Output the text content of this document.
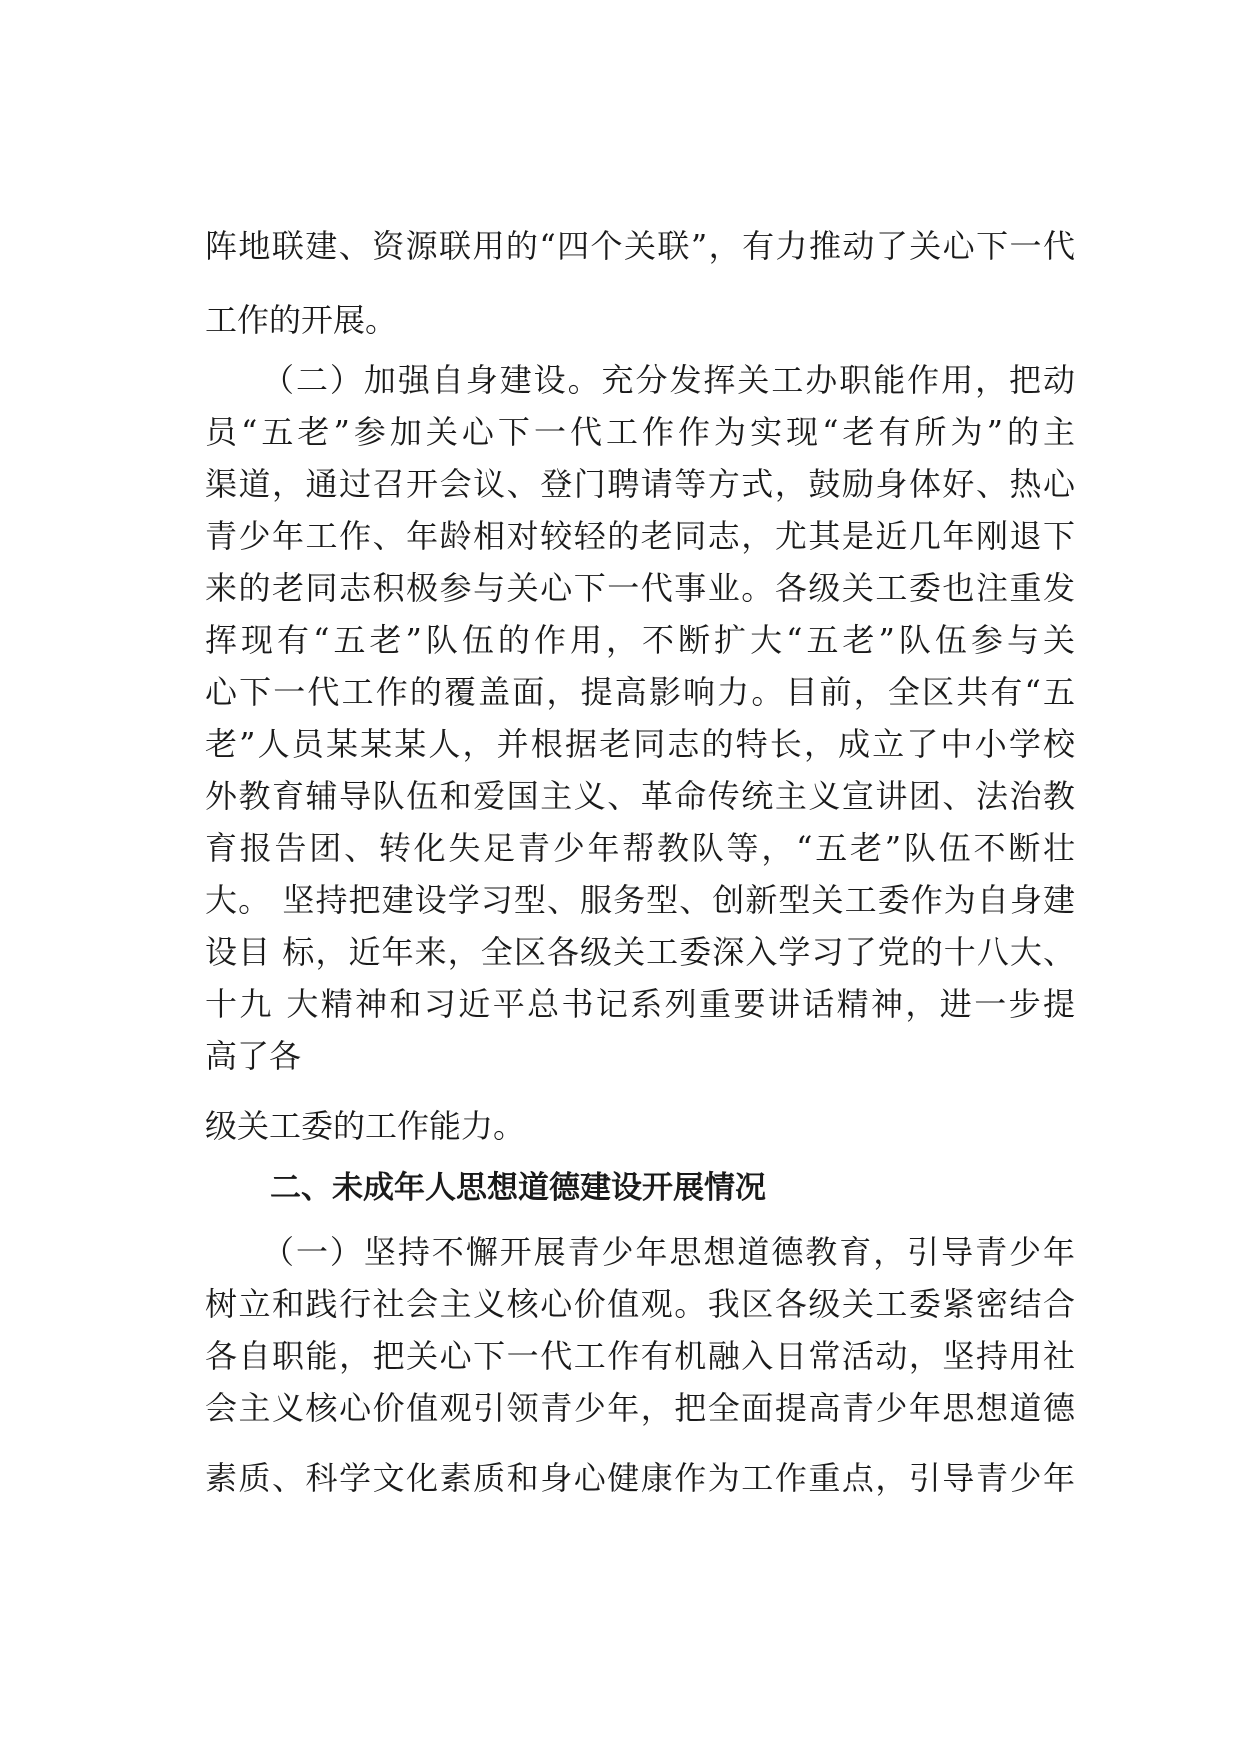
阵地联建、资源联用的“四个关联”，有力推动了关心下一代
工作的开展。
（二）加强自身建设。充分发挥关工办职能作用，把动
员“五老”参加关心下一代工作作为实现“老有所为”的主
渠道，通过召开会议、登门聘请等方式，鼓励身体好、热心
青少年工作、年龄相对较轻的老同志，尤其是近几年刚退下
来的老同志积极参与关心下一代事业。各级关工委也注重发
挥现有“五老”队伍的作用，不断扩大“五老”队伍参与关
心下一代工作的覆盖面，提高影响力。目前，全区共有“五
老”人员某某某人，并根据老同志的特长，成立了中小学校
外教育辅导队伍和爱国主义、革命传统主义宣讲团、法治教
育报告团、转化失足青少年帮教队等，“五老”队伍不断壮
大。 坚持把建设学习型、服务型、创新型关工委作为自身建
设目 标，近年来，全区各级关工委深入学习了党的十八大、
十九 大精神和习近平总书记系列重要讲话精神，进一步提
高了各
级关工委的工作能力。
二、未成年人思想道德建设开展情况
（一）坚持不懈开展青少年思想道德教育，引导青少年
树立和践行社会主义核心价值观。我区各级关工委紧密结合
各自职能，把关心下一代工作有机融入日常活动，坚持用社
会主义核心价值观引领青少年，把全面提高青少年思想道德
素质、科学文化素质和身心健康作为工作重点，引导青少年
